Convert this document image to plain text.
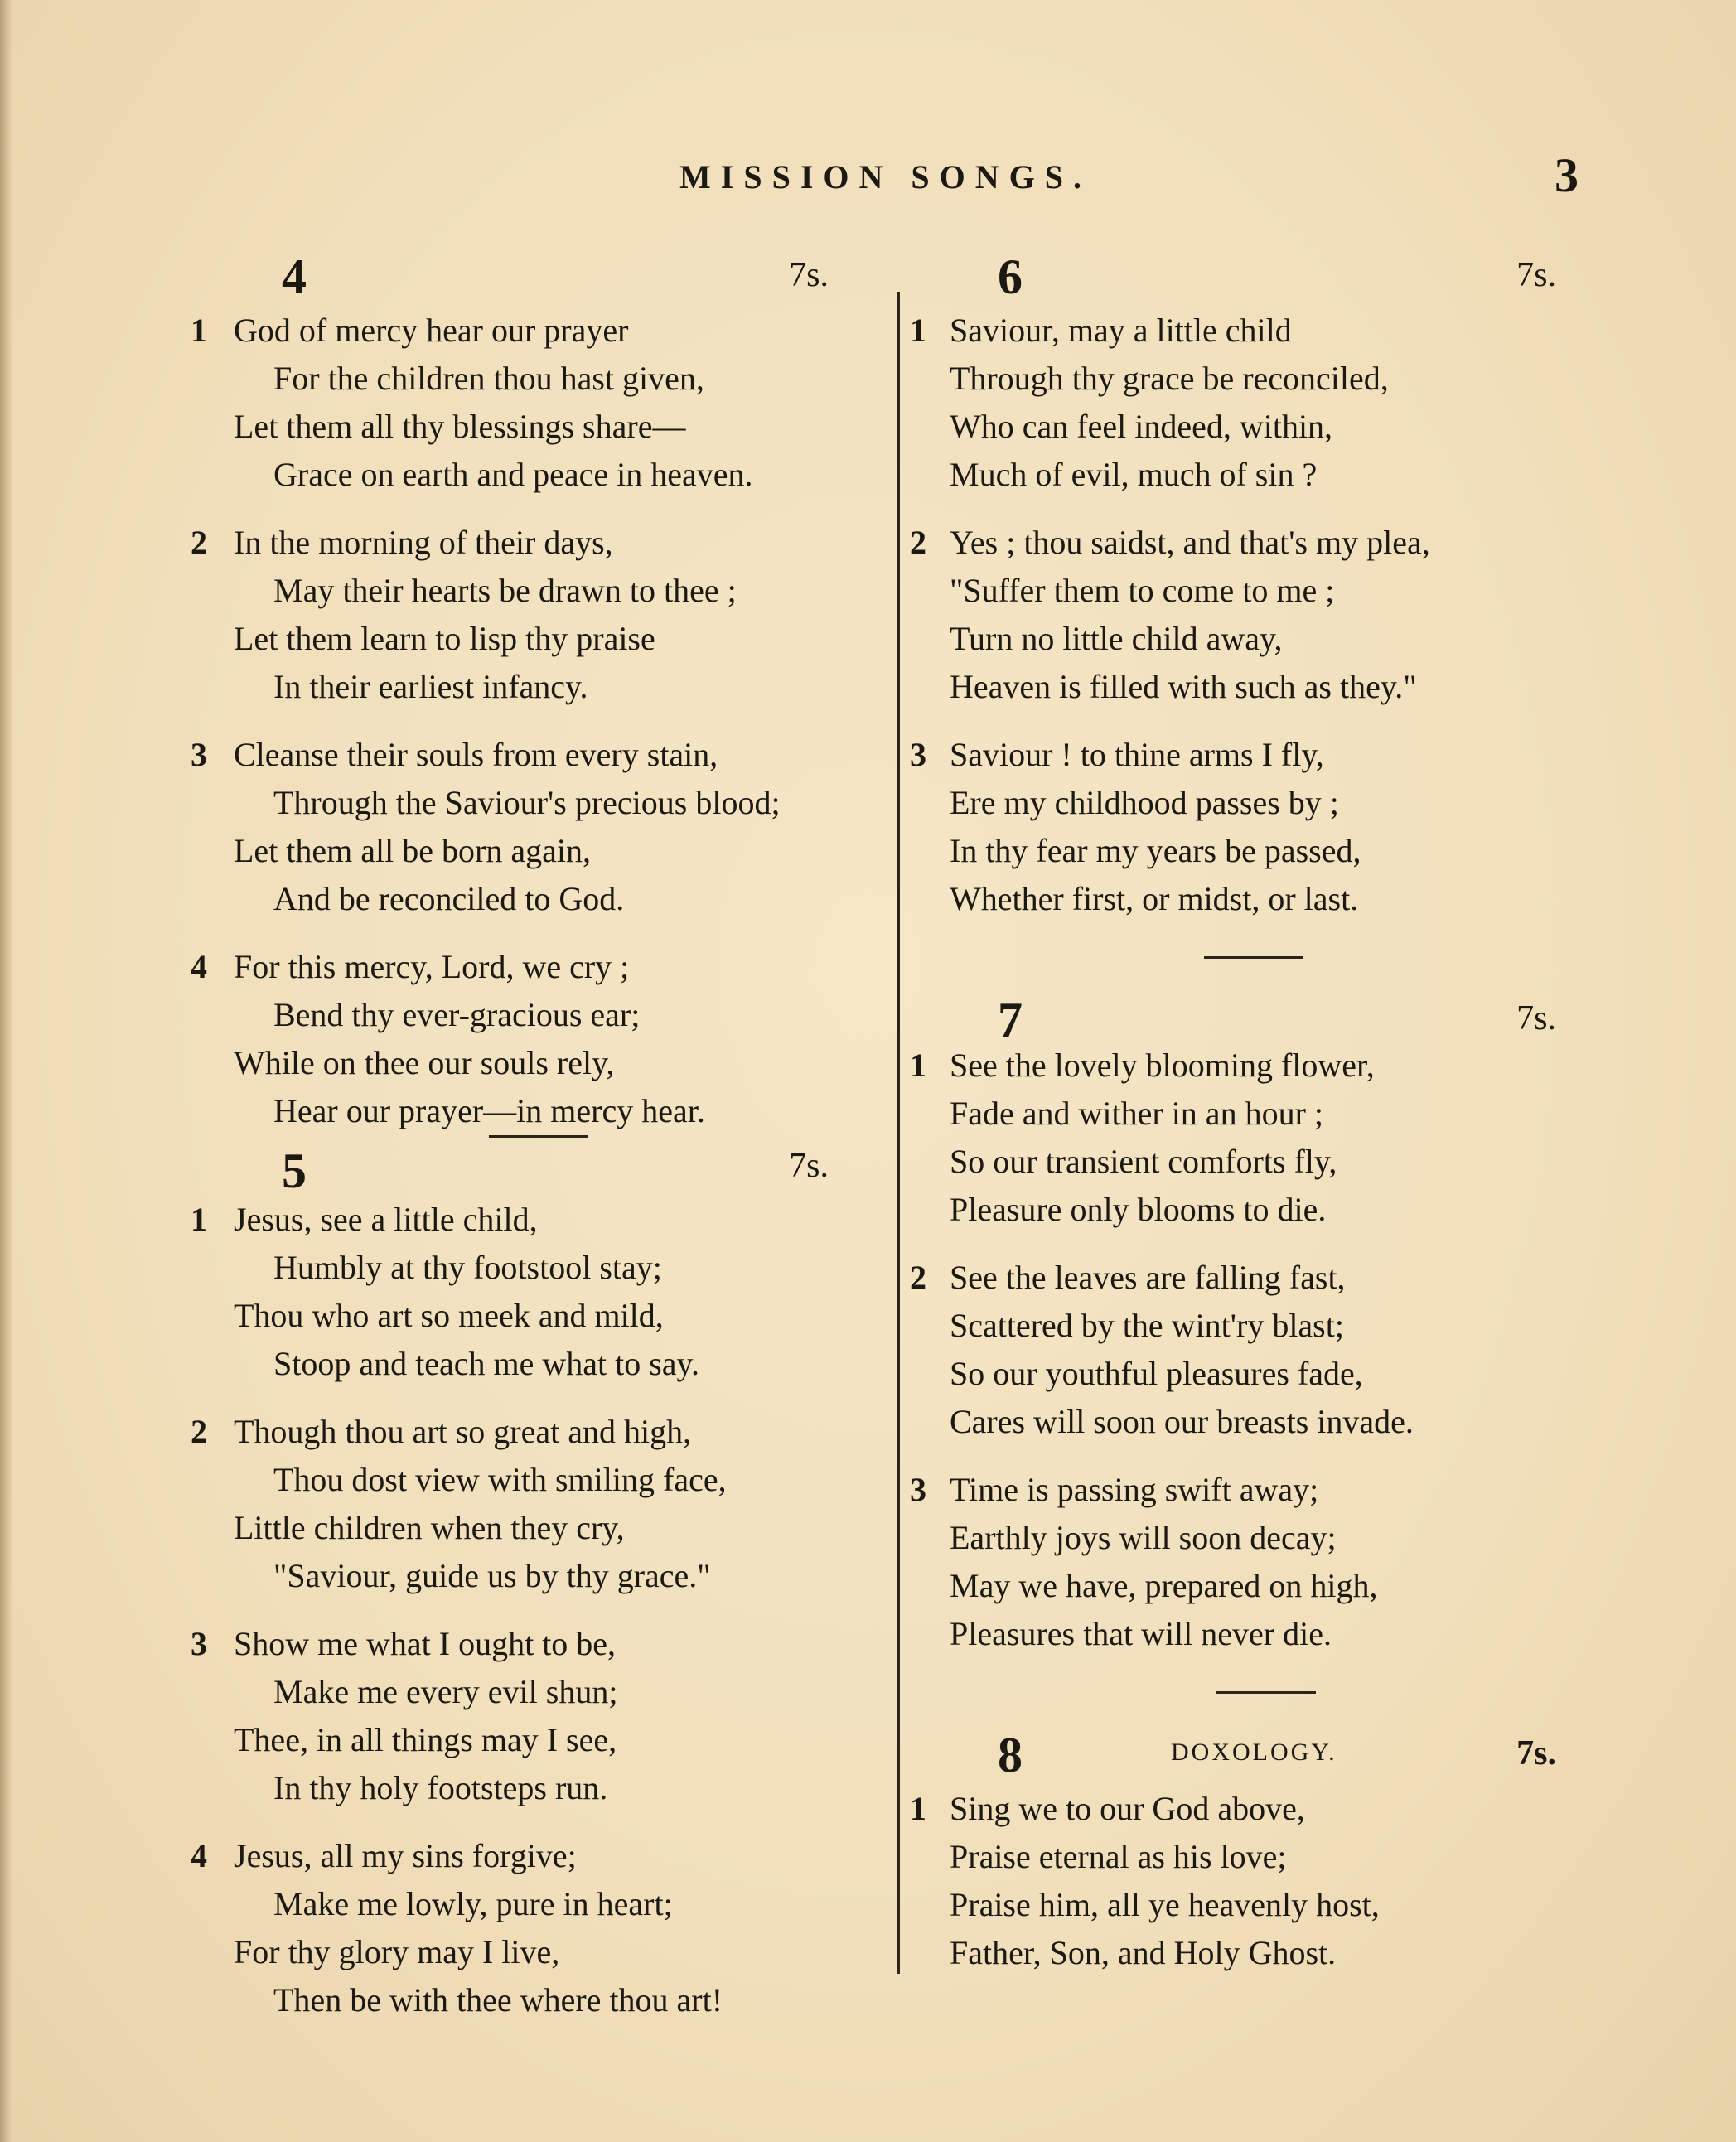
MISSION SONGS.	3
4	7s.
1 God of mercy hear our prayer
For the children thou hast given,
Let them all thy blessings share—
Grace on earth and peace in heaven.
2 In the morning of their days,
May their hearts be drawn to thee ;
Let them learn to lisp thy praise
In their earliest infancy.
3 Cleanse their souls from every stain,
Through the Saviour's precious blood;
Let them all be born again,
And be reconciled to God.
4 For this mercy, Lord, we cry ;
Bend thy ever-gracious ear;
While on thee our souls rely,
Hear our prayer—in mercy hear.
5	7s.
1 Jesus, see a little child,
Humbly at thy footstool stay;
Thou who art so meek and mild,
Stoop and teach me what to say.
2 Though thou art so great and high,
Thou dost view with smiling face,
Little children when they cry,
"Saviour, guide us by thy grace."
3 Show me what I ought to be,
Make me every evil shun;
Thee, in all things may I see,
In thy holy footsteps run.
4 Jesus, all my sins forgive;
Make me lowly, pure in heart;
For thy glory may I live,
Then be with thee where thou art!
6	7s.
1 Saviour, may a little child
Through thy grace be reconciled,
Who can feel indeed, within,
Much of evil, much of sin ?
2 Yes ; thou saidst, and that's my plea,
"Suffer them to come to me ;
Turn no little child away,
Heaven is filled with such as they."
3 Saviour ! to thine arms I fly,
Ere my childhood passes by ;
In thy fear my years be passed,
Whether first, or midst, or last.
7	7s.
1 See the lovely blooming flower,
Fade and wither in an hour ;
So our transient comforts fly,
Pleasure only blooms to die.
2 See the leaves are falling fast,
Scattered by the wint'ry blast;
So our youthful pleasures fade,
Cares will soon our breasts invade.
3 Time is passing swift away;
Earthly joys will soon decay;
May we have, prepared on high,
Pleasures that will never die.
8	DOXOLOGY.	7s.
1 Sing we to our God above,
Praise eternal as his love;
Praise him, all ye heavenly host,
Father, Son, and Holy Ghost.
